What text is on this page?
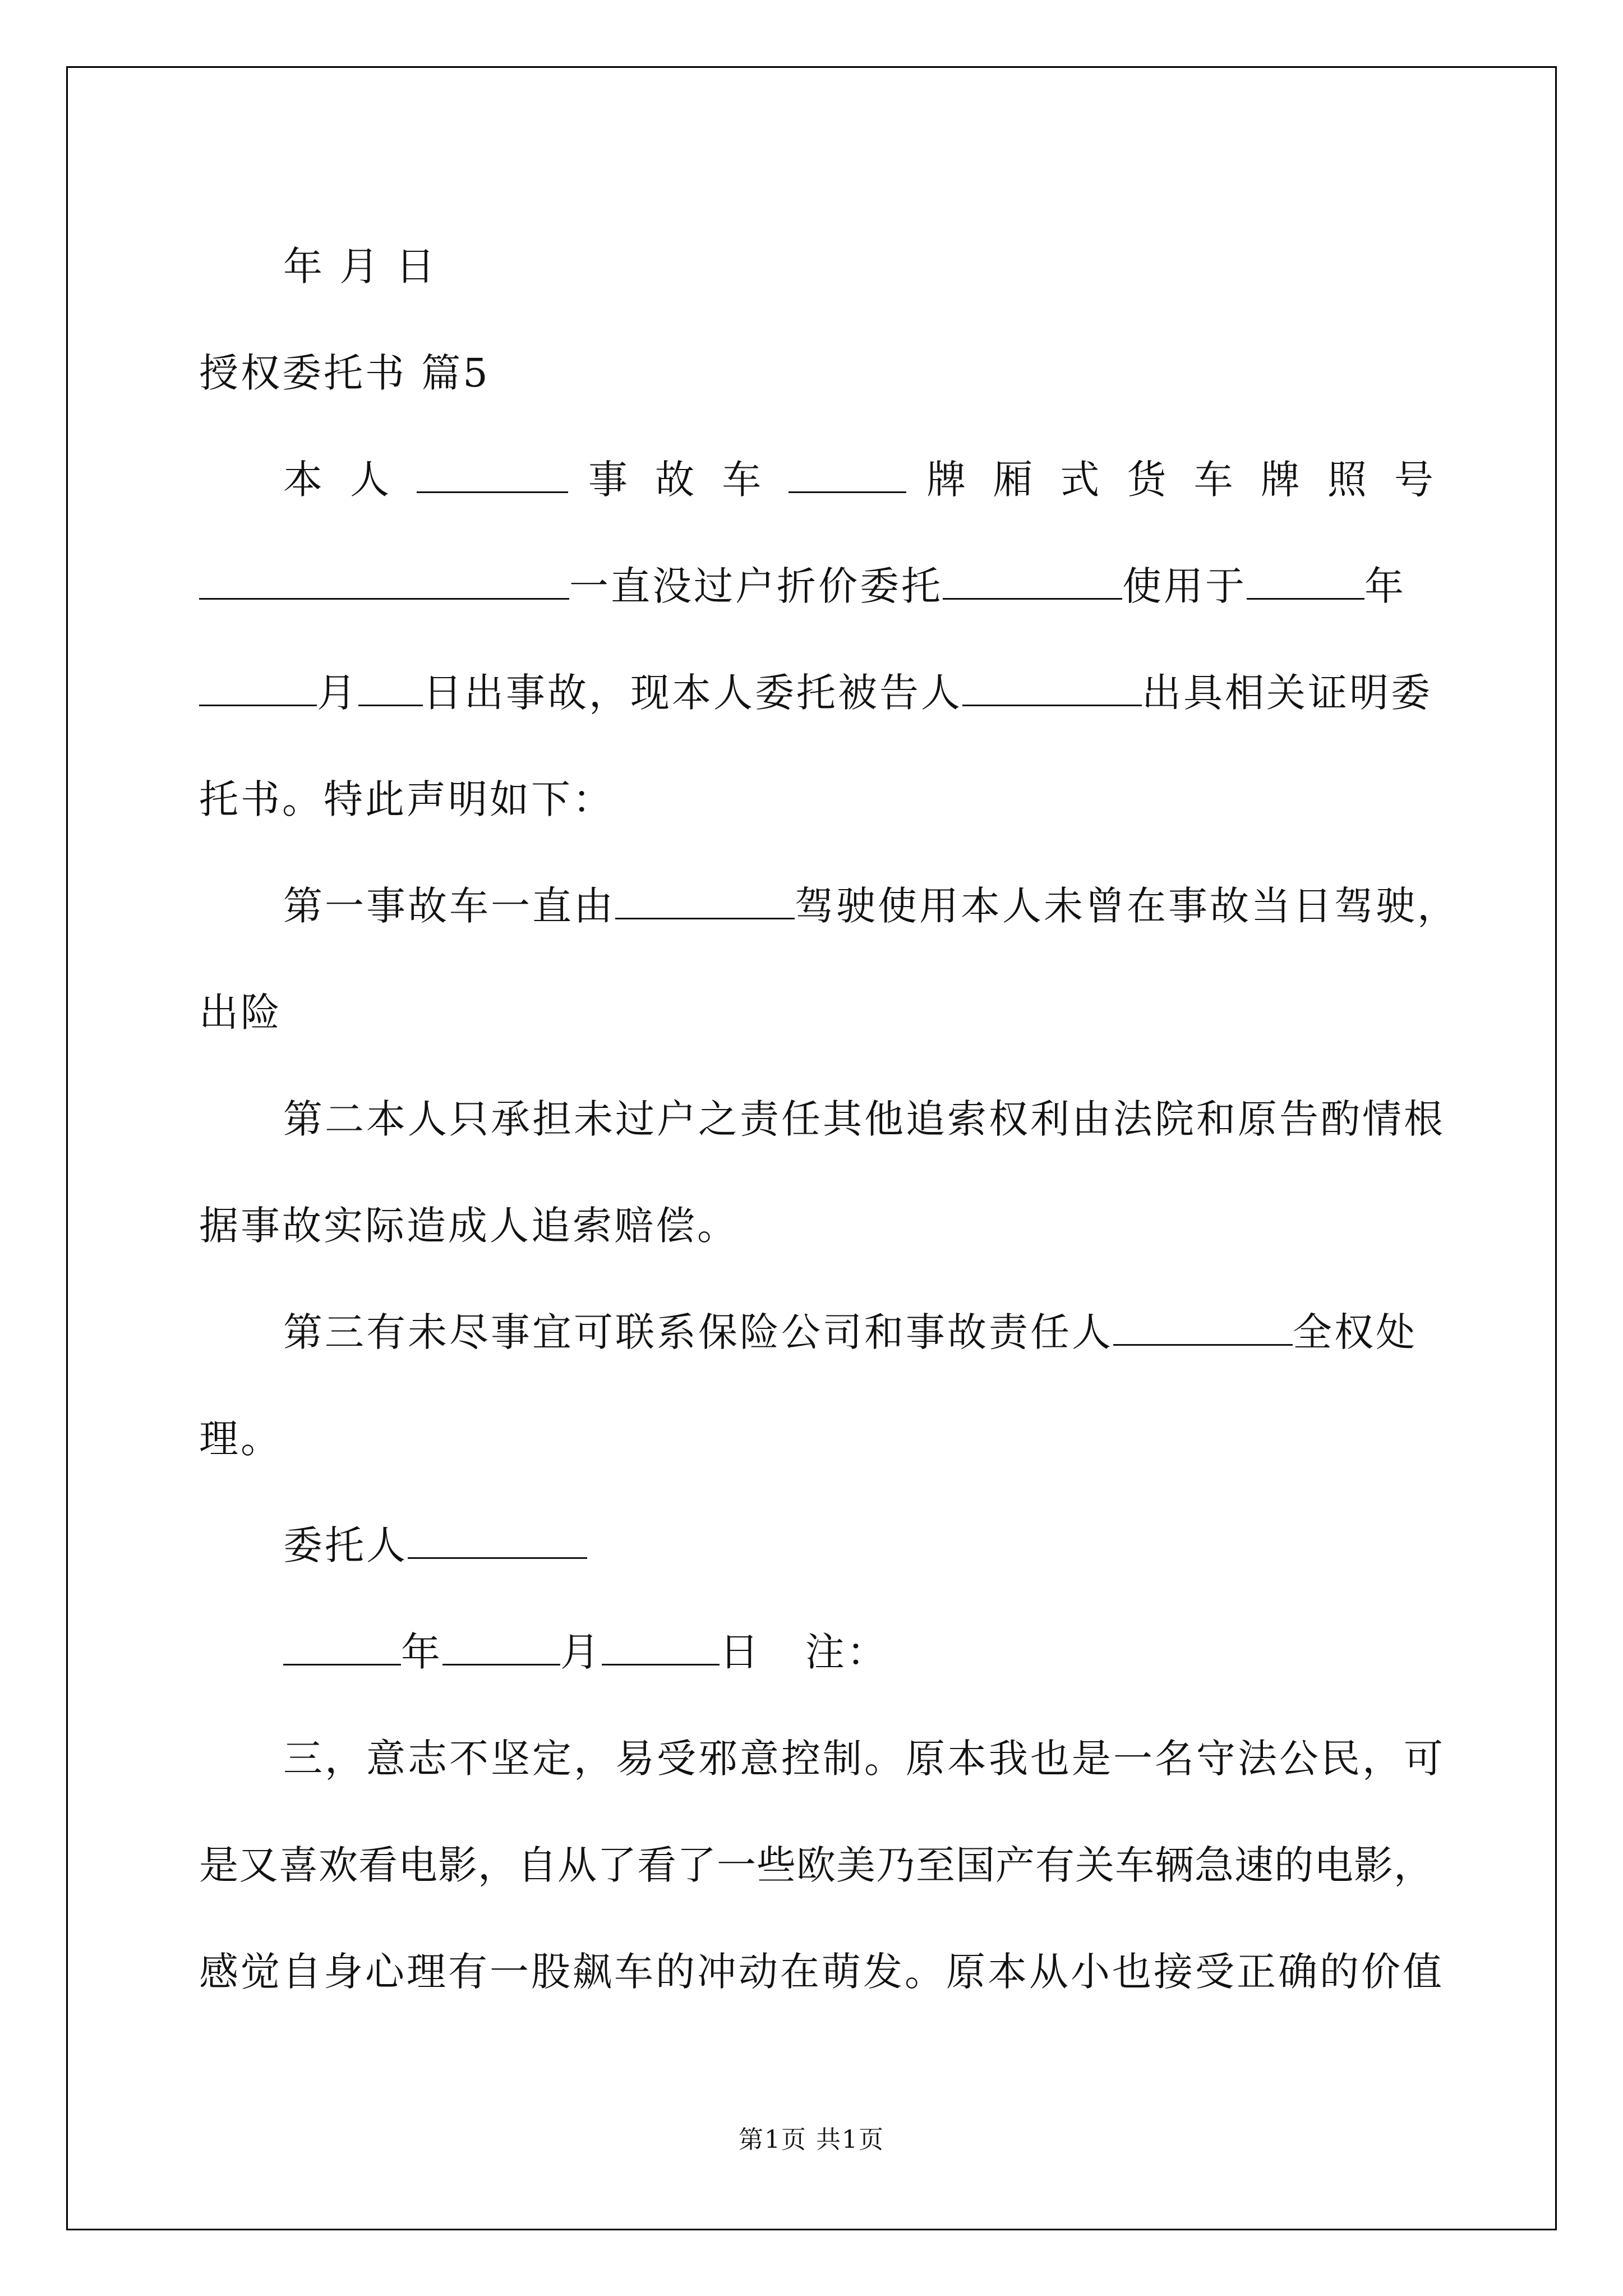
年 月 日
授权委托书 篇5
本 人	事 故 车	牌 厢 式 货 车 牌 照 号
一直没过户折价委托	使用于	年
月 日出事故，现本人委托被告人	出具相关证明委
托书。特此声明如下：
第一事故车一直由	驾驶使用本人未曾在事故当日驾驶，
出险
第二本人只承担未过户之责任其他追索权利由法院和原告酌情根
据事故实际造成人追索赔偿。
第三有未尽事宜可联系保险公司和事故责任人	全权处
理。
委托人
年	月	日 注：
三，意志不坚定，易受邪意控制。原本我也是一名守法公民，可
是又喜欢看电影，自从了看了一些欧美乃至国产有关车辆急速的电影，
感觉自身心理有一股飙车的冲动在萌发。原本从小也接受正确的价值
第1页 共1页
